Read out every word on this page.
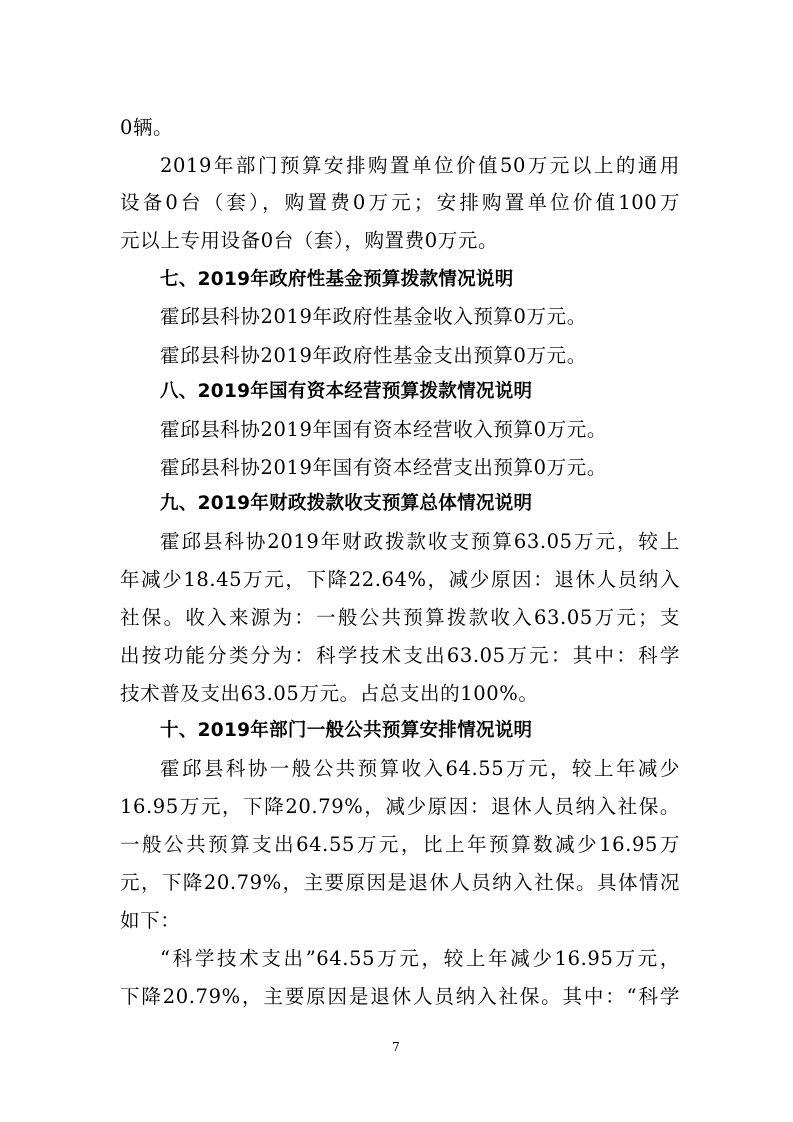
0辆。
2019年部门预算安排购置单位价值50万元以上的通用
设备0台（套），购置费0万元；安排购置单位价值100万
元以上专用设备0台（套），购置费0万元。
七、2019年政府性基金预算拨款情况说明
霍邱县科协2019年政府性基金收入预算0万元。
霍邱县科协2019年政府性基金支出预算0万元。
八、2019年国有资本经营预算拨款情况说明
霍邱县科协2019年国有资本经营收入预算0万元。
霍邱县科协2019年国有资本经营支出预算0万元。
九、2019年财政拨款收支预算总体情况说明
霍邱县科协2019年财政拨款收支预算63.05万元，较上
年减少18.45万元，下降22.64%，减少原因：退休人员纳入
社保。收入来源为：一般公共预算拨款收入63.05万元；支
出按功能分类分为：科学技术支出63.05万元：其中：科学
技术普及支出63.05万元。占总支出的100%。
十、2019年部门一般公共预算安排情况说明
霍邱县科协一般公共预算收入64.55万元，较上年减少
16.95万元，下降20.79%，减少原因：退休人员纳入社保。
一般公共预算支出64.55万元，比上年预算数减少16.95万
元，下降20.79%，主要原因是退休人员纳入社保。具体情况
如下：
“科学技术支出”64.55万元，较上年减少16.95万元，
下降20.79%，主要原因是退休人员纳入社保。其中：“科学
7
